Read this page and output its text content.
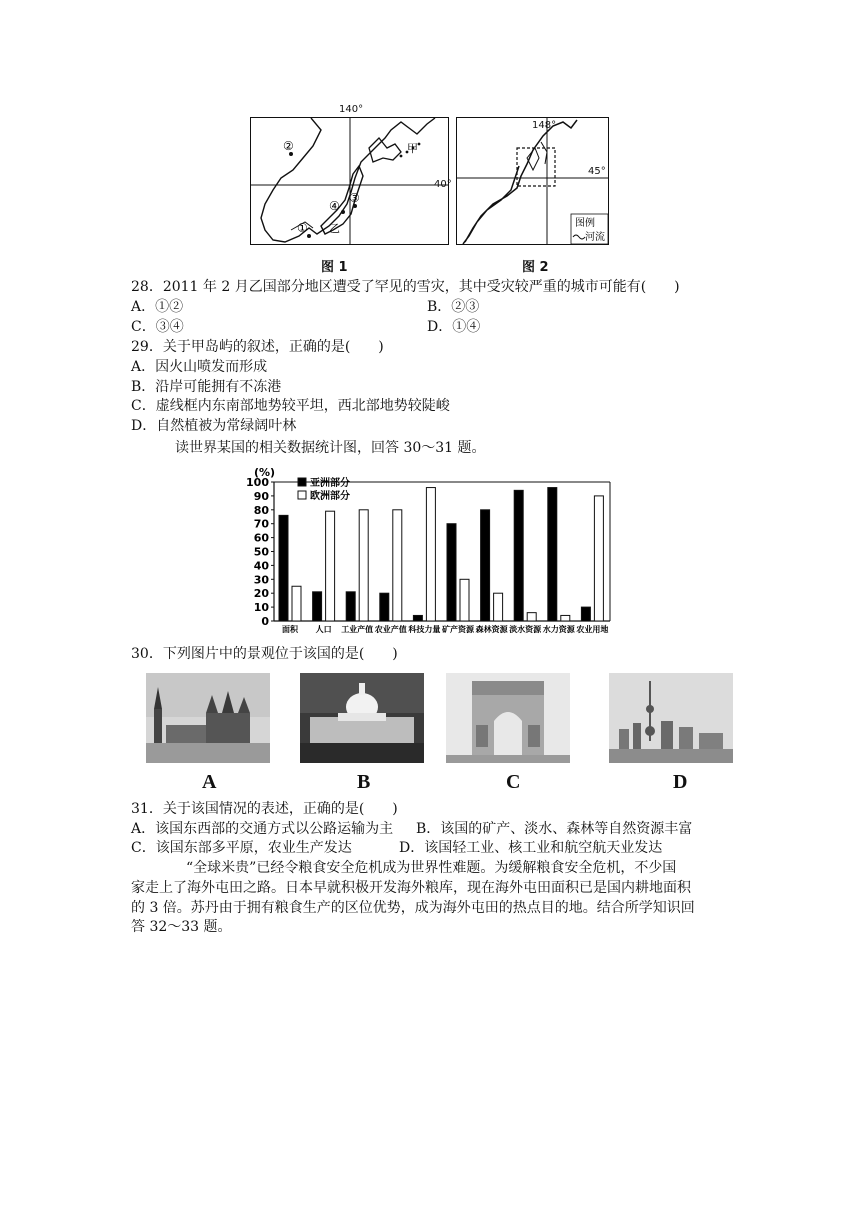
②
④
③
① 乙
甲
140°
40°
图 1
图例
河流
148°
45°
图 2
28．2011 年 2 月乙国部分地区遭受了罕见的雪灾，其中受灾较严重的城市可能有(　　)
A．①②	B．②③
C．③④	D．①④
29．关于甲岛屿的叙述，正确的是(　　)
A．因火山喷发而形成
B．沿岸可能拥有不冻港
C．虚线框内东南部地势较平坦，西北部地势较陡峻
D．自然植被为常绿阔叶林
读世界某国的相关数据统计图，回答 30～31 题。
0
10
20
30
40
50
60
70
80
90
100
(%)
面积 人口 工业产值 农业产值 科技力量 矿产资源 森林资源 淡水资源 水力资源 农业用地
亚洲部分
欧洲部分
30．下列图片中的景观位于该国的是(　　)
A	B	C	D
31．关于该国情况的表述，正确的是(　　)
A．该国东西部的交通方式以公路运输为主 B．该国的矿产、淡水、森林等自然资源丰富
C．该国东部多平原，农业生产发达	D．该国轻工业、核工业和航空航天业发达
“全球米贵”已经令粮食安全危机成为世界性难题。为缓解粮食安全危机，不少国
家走上了海外屯田之路。日本早就积极开发海外粮库，现在海外屯田面积已是国内耕地面积
的 3 倍。苏丹由于拥有粮食生产的区位优势，成为海外屯田的热点目的地。结合所学知识回
答 32～33 题。
